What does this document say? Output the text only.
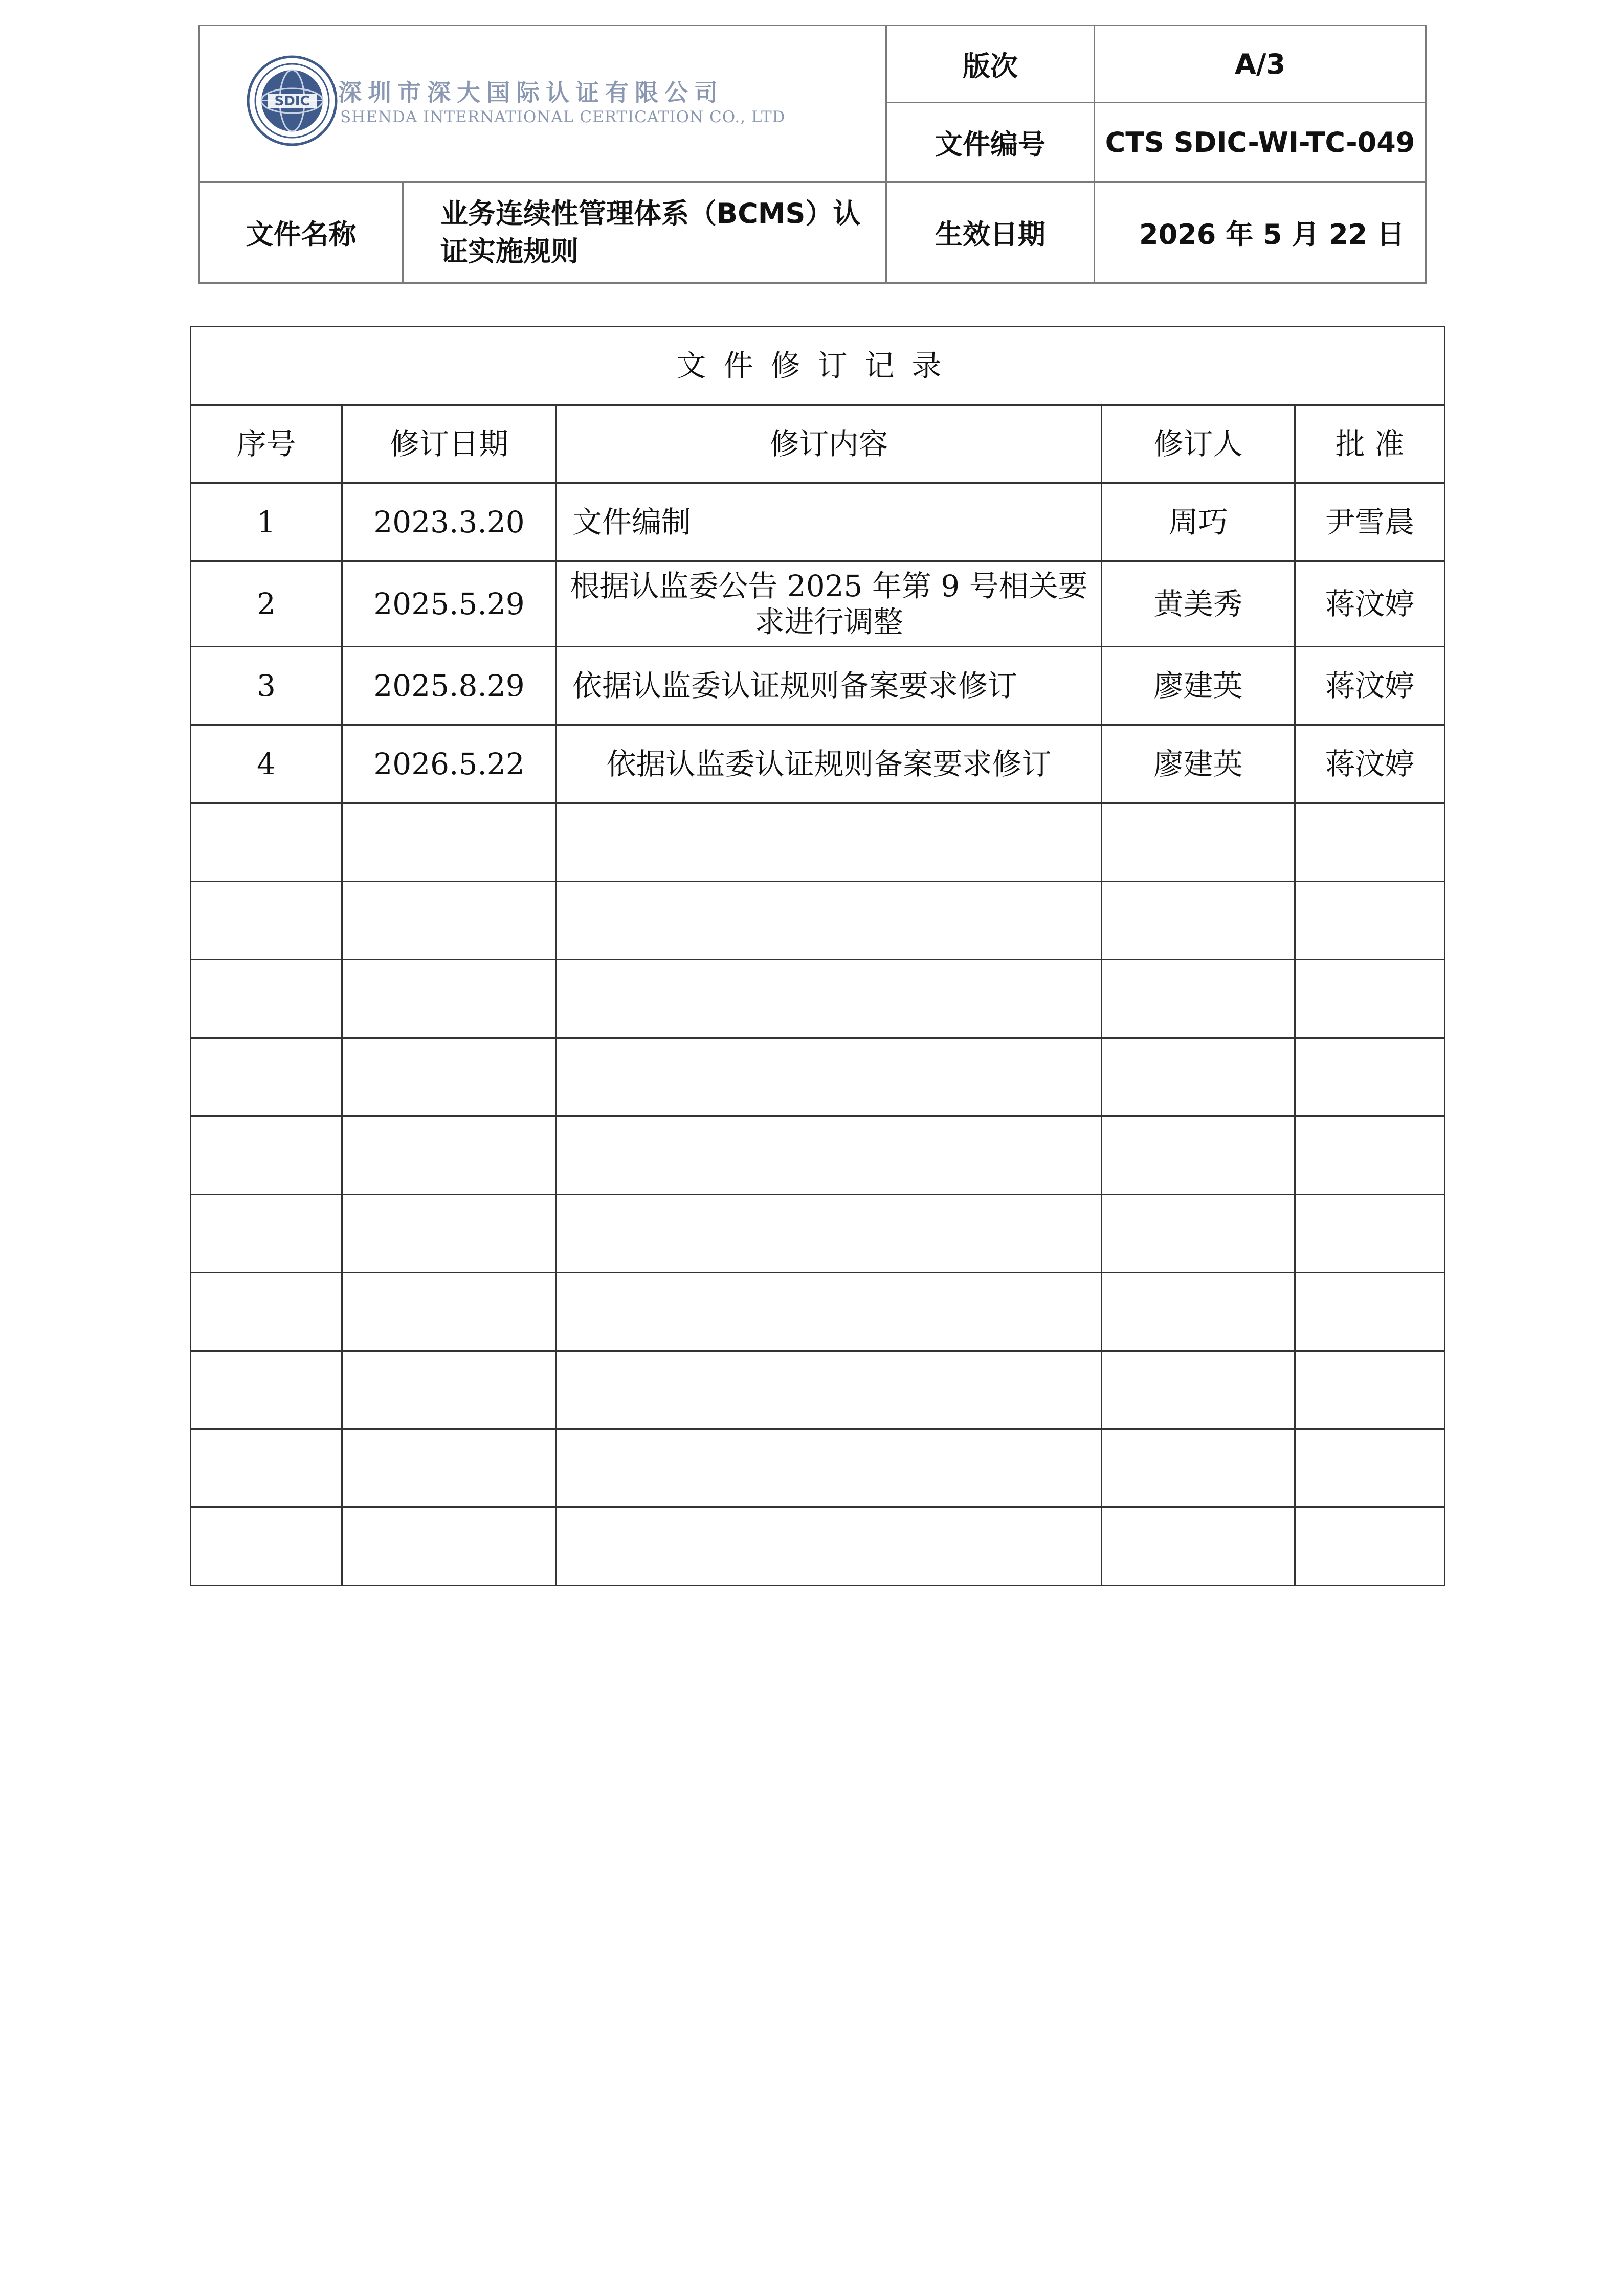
SDIC 深圳市深大国际认证有限公司
SHENDA INTERNATIONAL CERTICATION CO., LTD		版次	A/3
		文件编号	CTS SDIC-WI-TC-049
文件名称	业务连续性管理体系（BCMS）认证实施规则	生效日期	2026 年 5 月 22 日
文件修订记录				
序号	修订日期	修订内容	修订人	批 准
1	2023.3.20	文件编制	周巧	尹雪晨
2	2025.5.29	根据认监委公告 2025 年第 9 号相关要求进行调整	黄美秀	蒋汶婷
3	2025.8.29	依据认监委认证规则备案要求修订	廖建英	蒋汶婷
4	2026.5.22	依据认监委认证规则备案要求修订	廖建英	蒋汶婷
